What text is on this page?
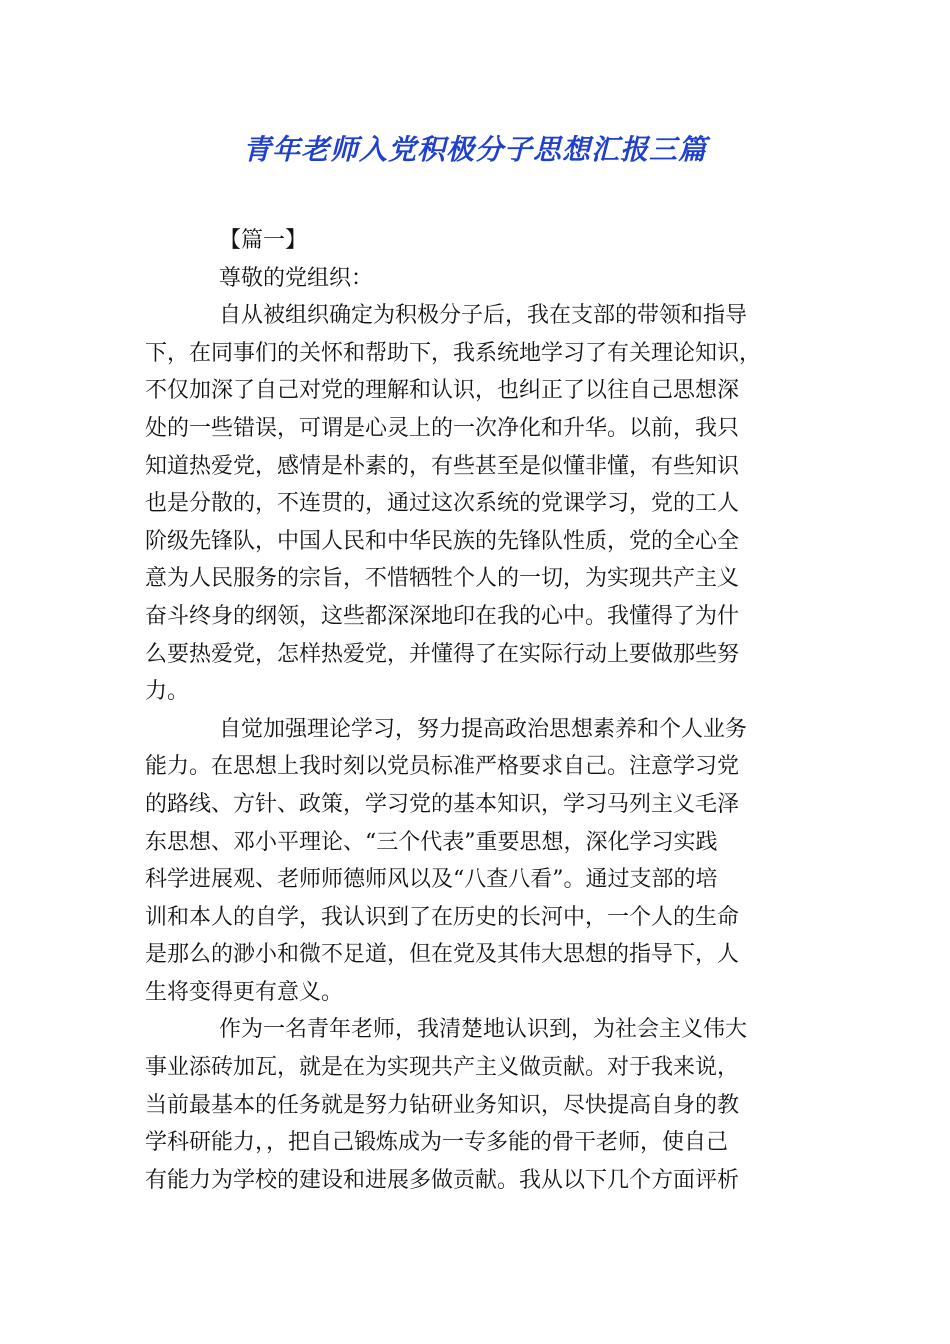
青年老师入党积极分子思想汇报三篇
【篇一】
尊敬的党组织：

自从被组织确定为积极分子后，我在支部的带领和指导
下，在同事们的关怀和帮助下，我系统地学习了有关理论知识，
不仅加深了自己对党的理解和认识，也纠正了以往自己思想深
处的一些错误，可谓是心灵上的一次净化和升华。以前，我只
知道热爱党，感情是朴素的，有些甚至是似懂非懂，有些知识
也是分散的，不连贯的，通过这次系统的党课学习，党的工人
阶级先锋队，中国人民和中华民族的先锋队性质，党的全心全
意为人民服务的宗旨，不惜牺牲个人的一切，为实现共产主义
奋斗终身的纲领，这些都深深地印在我的心中。我懂得了为什
么要热爱党，怎样热爱党，并懂得了在实际行动上要做那些努
力。

自觉加强理论学习，努力提高政治思想素养和个人业务
能力。在思想上我时刻以党员标准严格要求自己。注意学习党
的路线、方针、政策，学习党的基本知识，学习马列主义毛泽
东思想、邓小平理论、“三个代表”重要思想，深化学习实践
科学进展观、老师师德师风以及“八查八看”。通过支部的培
训和本人的自学，我认识到了在历史的长河中，一个人的生命
是那么的渺小和微不足道，但在党及其伟大思想的指导下，人
生将变得更有意义。

作为一名青年老师，我清楚地认识到，为社会主义伟大
事业添砖加瓦，就是在为实现共产主义做贡献。对于我来说，
当前最基本的任务就是努力钻研业务知识，尽快提高自身的教
学科研能力，，把自己锻炼成为一专多能的骨干老师，使自己
有能力为学校的建设和进展多做贡献。我从以下几个方面评析
